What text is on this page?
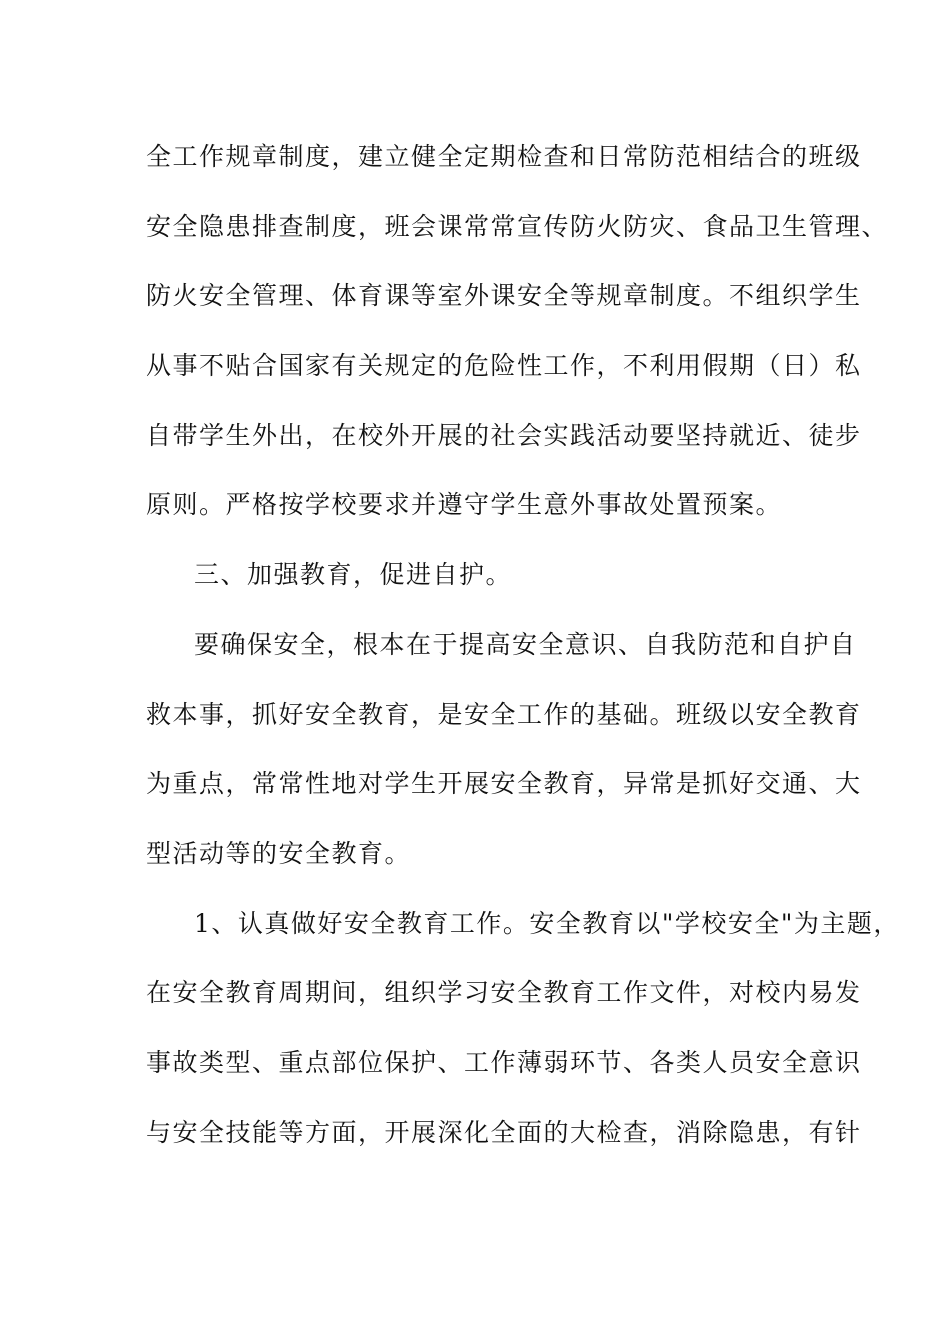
全工作规章制度，建立健全定期检查和日常防范相结合的班级
安全隐患排查制度，班会课常常宣传防火防灾、食品卫生管理、
防火安全管理、体育课等室外课安全等规章制度。不组织学生
从事不贴合国家有关规定的危险性工作，不利用假期（日）私
自带学生外出，在校外开展的社会实践活动要坚持就近、徒步
原则。严格按学校要求并遵守学生意外事故处置预案。
三、加强教育，促进自护。
要确保安全，根本在于提高安全意识、自我防范和自护自
救本事，抓好安全教育，是安全工作的基础。班级以安全教育
为重点，常常性地对学生开展安全教育，异常是抓好交通、大
型活动等的安全教育。
1、认真做好安全教育工作。安全教育以"学校安全"为主题，
在安全教育周期间，组织学习安全教育工作文件，对校内易发
事故类型、重点部位保护、工作薄弱环节、各类人员安全意识
与安全技能等方面，开展深化全面的大检查，消除隐患，有针
